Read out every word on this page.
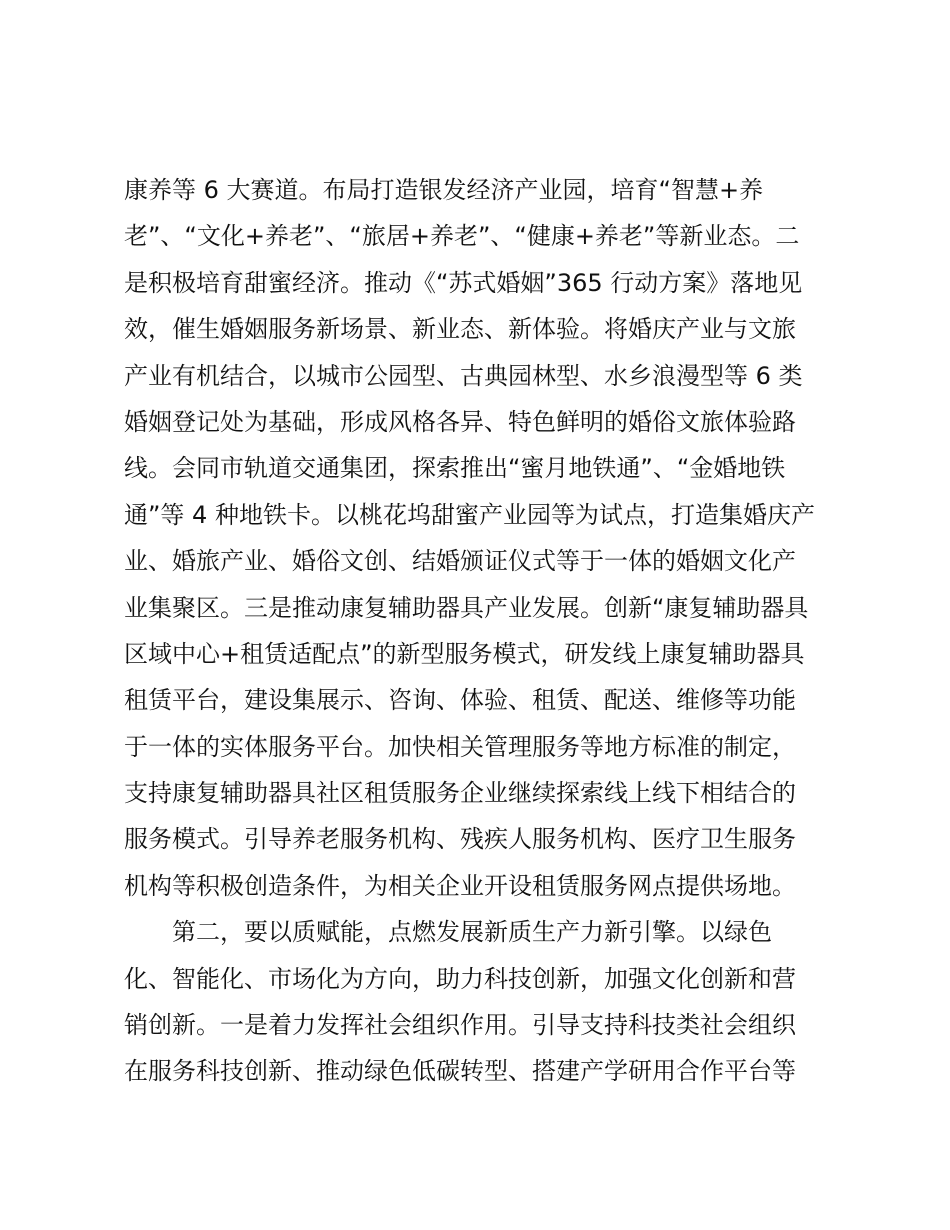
康养等 6 大赛道。布局打造银发经济产业园，培育“智慧+养
老”、“文化+养老”、“旅居+养老”、“健康+养老”等新业态。二
是积极培育甜蜜经济。推动《“苏式婚姻”365 行动方案》落地见
效，催生婚姻服务新场景、新业态、新体验。将婚庆产业与文旅
产业有机结合，以城市公园型、古典园林型、水乡浪漫型等 6 类
婚姻登记处为基础，形成风格各异、特色鲜明的婚俗文旅体验路
线。会同市轨道交通集团，探索推出“蜜月地铁通”、“金婚地铁
通”等 4 种地铁卡。以桃花坞甜蜜产业园等为试点，打造集婚庆产
业、婚旅产业、婚俗文创、结婚颁证仪式等于一体的婚姻文化产
业集聚区。三是推动康复辅助器具产业发展。创新“康复辅助器具
区域中心+租赁适配点”的新型服务模式，研发线上康复辅助器具
租赁平台，建设集展示、咨询、体验、租赁、配送、维修等功能
于一体的实体服务平台。加快相关管理服务等地方标准的制定，
支持康复辅助器具社区租赁服务企业继续探索线上线下相结合的
服务模式。引导养老服务机构、残疾人服务机构、医疗卫生服务
机构等积极创造条件，为相关企业开设租赁服务网点提供场地。
　　第二，要以质赋能，点燃发展新质生产力新引擎。以绿色
化、智能化、市场化为方向，助力科技创新，加强文化创新和营
销创新。一是着力发挥社会组织作用。引导支持科技类社会组织
在服务科技创新、推动绿色低碳转型、搭建产学研用合作平台等
